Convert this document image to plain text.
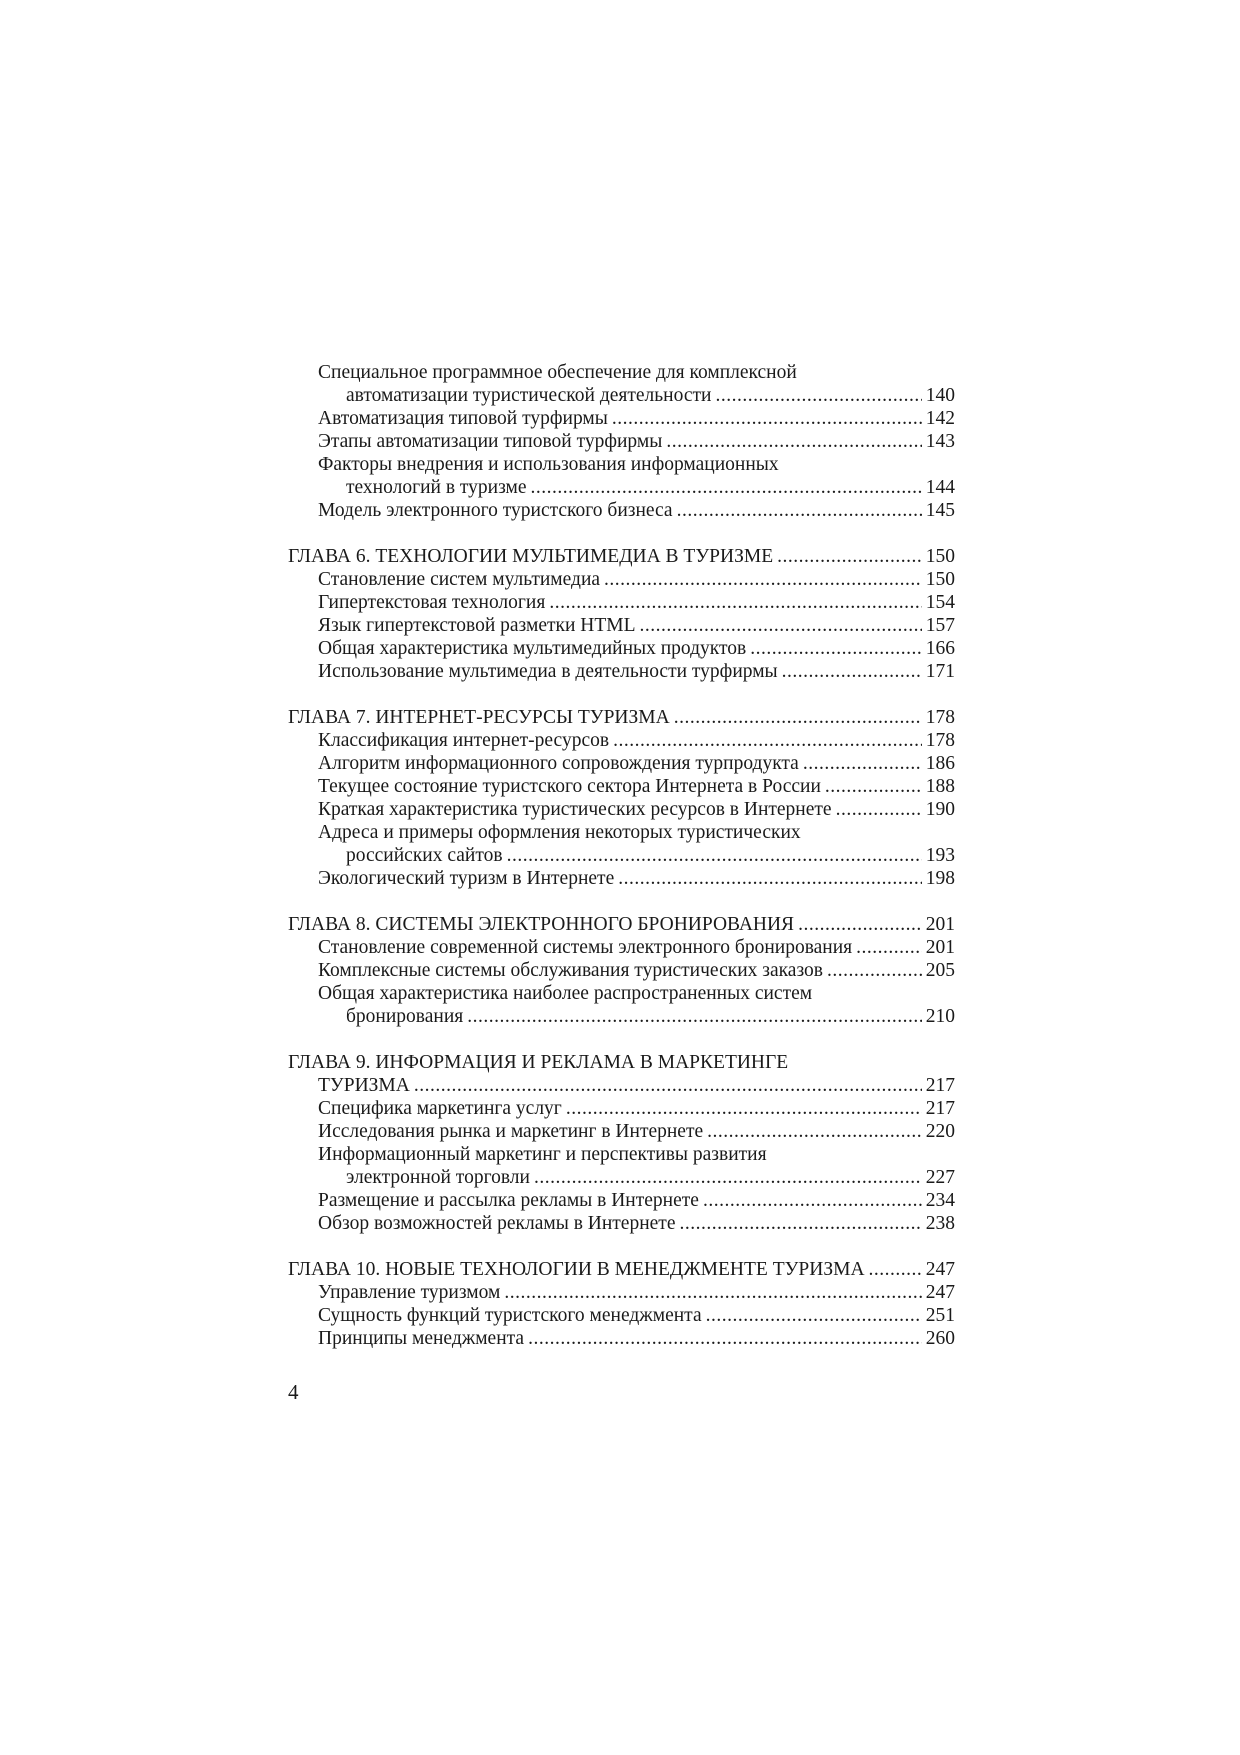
Специальное программное обеспечение для комплексной
автоматизации туристической деятельности .....	140
Автоматизация типовой турфирмы .....	142
Этапы автоматизации типовой турфирмы .....	143
Факторы внедрения и использования информационных
технологий в туризме .....	144
Модель электронного туристского бизнеса .....	145
ГЛАВА 6. ТЕХНОЛОГИИ МУЛЬТИМЕДИА В ТУРИЗМЕ .....	150
Становление систем мультимедиа .....	150
Гипертекстовая технология .....	154
Язык гипертекстовой разметки HTML .....	157
Общая характеристика мультимедийных продуктов .....	166
Использование мультимедиа в деятельности турфирмы .....	171
ГЛАВА 7. ИНТЕРНЕТ-РЕСУРСЫ ТУРИЗМА .....	178
Классификация интернет-ресурсов .....	178
Алгоритм информационного сопровождения турпродукта .....	186
Текущее состояние туристского сектора Интернета в России .....	188
Краткая характеристика туристических ресурсов в Интернете .....	190
Адреса и примеры оформления некоторых туристических
российских сайтов .....	193
Экологический туризм в Интернете .....	198
ГЛАВА 8. СИСТЕМЫ ЭЛЕКТРОННОГО БРОНИРОВАНИЯ .....	201
Становление современной системы электронного бронирования .....	201
Комплексные системы обслуживания туристических заказов .....	205
Общая характеристика наиболее распространенных систем
бронирования .....	210
ГЛАВА 9. ИНФОРМАЦИЯ И РЕКЛАМА В МАРКЕТИНГЕ
ТУРИЗМА .....	217
Специфика маркетинга услуг .....	217
Исследования рынка и маркетинг в Интернете .....	220
Информационный маркетинг и перспективы развития
электронной торговли .....	227
Размещение и рассылка рекламы в Интернете .....	234
Обзор возможностей рекламы в Интернете .....	238
ГЛАВА 10. НОВЫЕ ТЕХНОЛОГИИ В МЕНЕДЖМЕНТЕ ТУРИЗМА .....	247
Управление туризмом .....	247
Сущность функций туристского менеджмента .....	251
Принципы менеджмента .....	260
4
